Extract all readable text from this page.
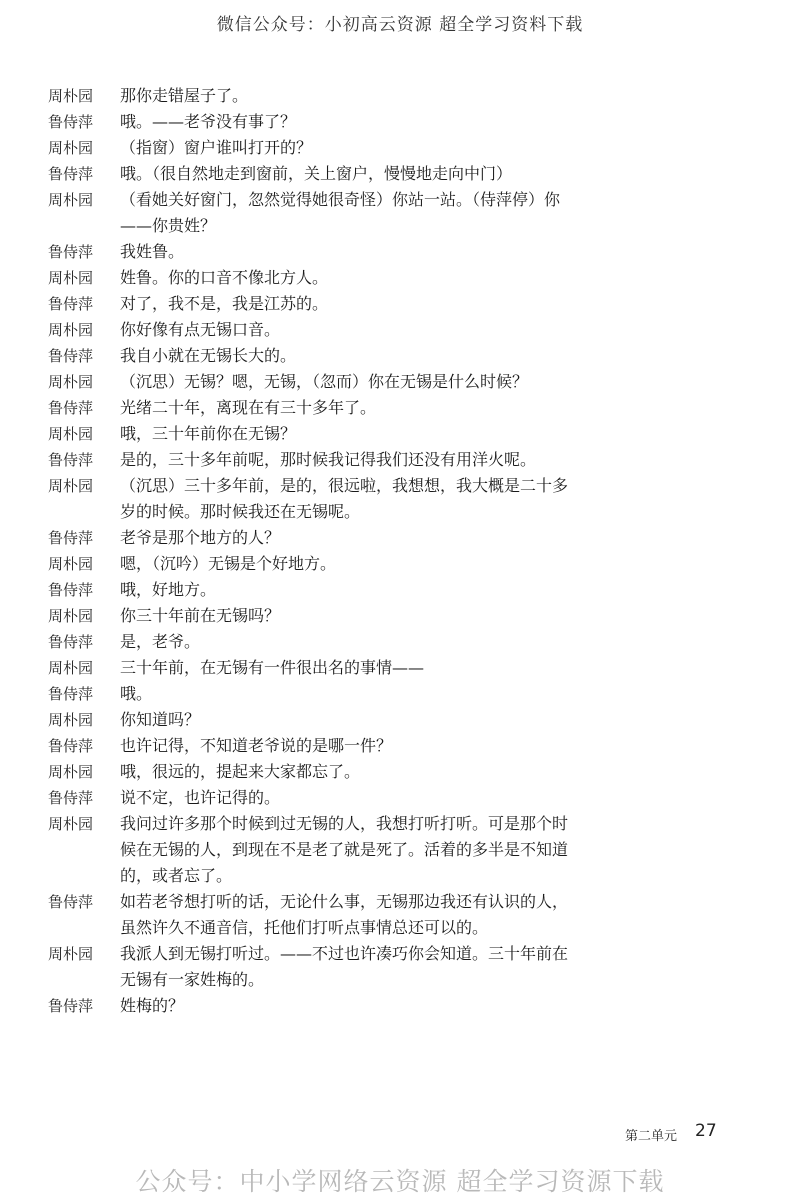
微信公众号：小初高云资源 超全学习资料下载
周朴园	那你走错屋子了。
鲁侍萍	哦。——老爷没有事了？
周朴园	（指窗）窗户谁叫打开的？
鲁侍萍	哦。（很自然地走到窗前，关上窗户，慢慢地走向中门）
周朴园	（看她关好窗门，忽然觉得她很奇怪）你站一站。（侍萍停）你——你贵姓？
鲁侍萍	我姓鲁。
周朴园	姓鲁。你的口音不像北方人。
鲁侍萍	对了，我不是，我是江苏的。
周朴园	你好像有点无锡口音。
鲁侍萍	我自小就在无锡长大的。
周朴园	（沉思）无锡？嗯，无锡，（忽而）你在无锡是什么时候？
鲁侍萍	光绪二十年，离现在有三十多年了。
周朴园	哦，三十年前你在无锡？
鲁侍萍	是的，三十多年前呢，那时候我记得我们还没有用洋火呢。
周朴园	（沉思）三十多年前，是的，很远啦，我想想，我大概是二十多岁的时候。那时候我还在无锡呢。
鲁侍萍	老爷是那个地方的人？
周朴园	嗯，（沉吟）无锡是个好地方。
鲁侍萍	哦，好地方。
周朴园	你三十年前在无锡吗？
鲁侍萍	是，老爷。
周朴园	三十年前，在无锡有一件很出名的事情——
鲁侍萍	哦。
周朴园	你知道吗？
鲁侍萍	也许记得，不知道老爷说的是哪一件？
周朴园	哦，很远的，提起来大家都忘了。
鲁侍萍	说不定，也许记得的。
周朴园	我问过许多那个时候到过无锡的人，我想打听打听。可是那个时候在无锡的人，到现在不是老了就是死了。活着的多半是不知道的，或者忘了。
鲁侍萍	如若老爷想打听的话，无论什么事，无锡那边我还有认识的人，虽然许久不通音信，托他们打听点事情总还可以的。
周朴园	我派人到无锡打听过。——不过也许凑巧你会知道。三十年前在无锡有一家姓梅的。
鲁侍萍	姓梅的？
第二单元 27
公众号：中小学网络云资源 超全学习资源下载
